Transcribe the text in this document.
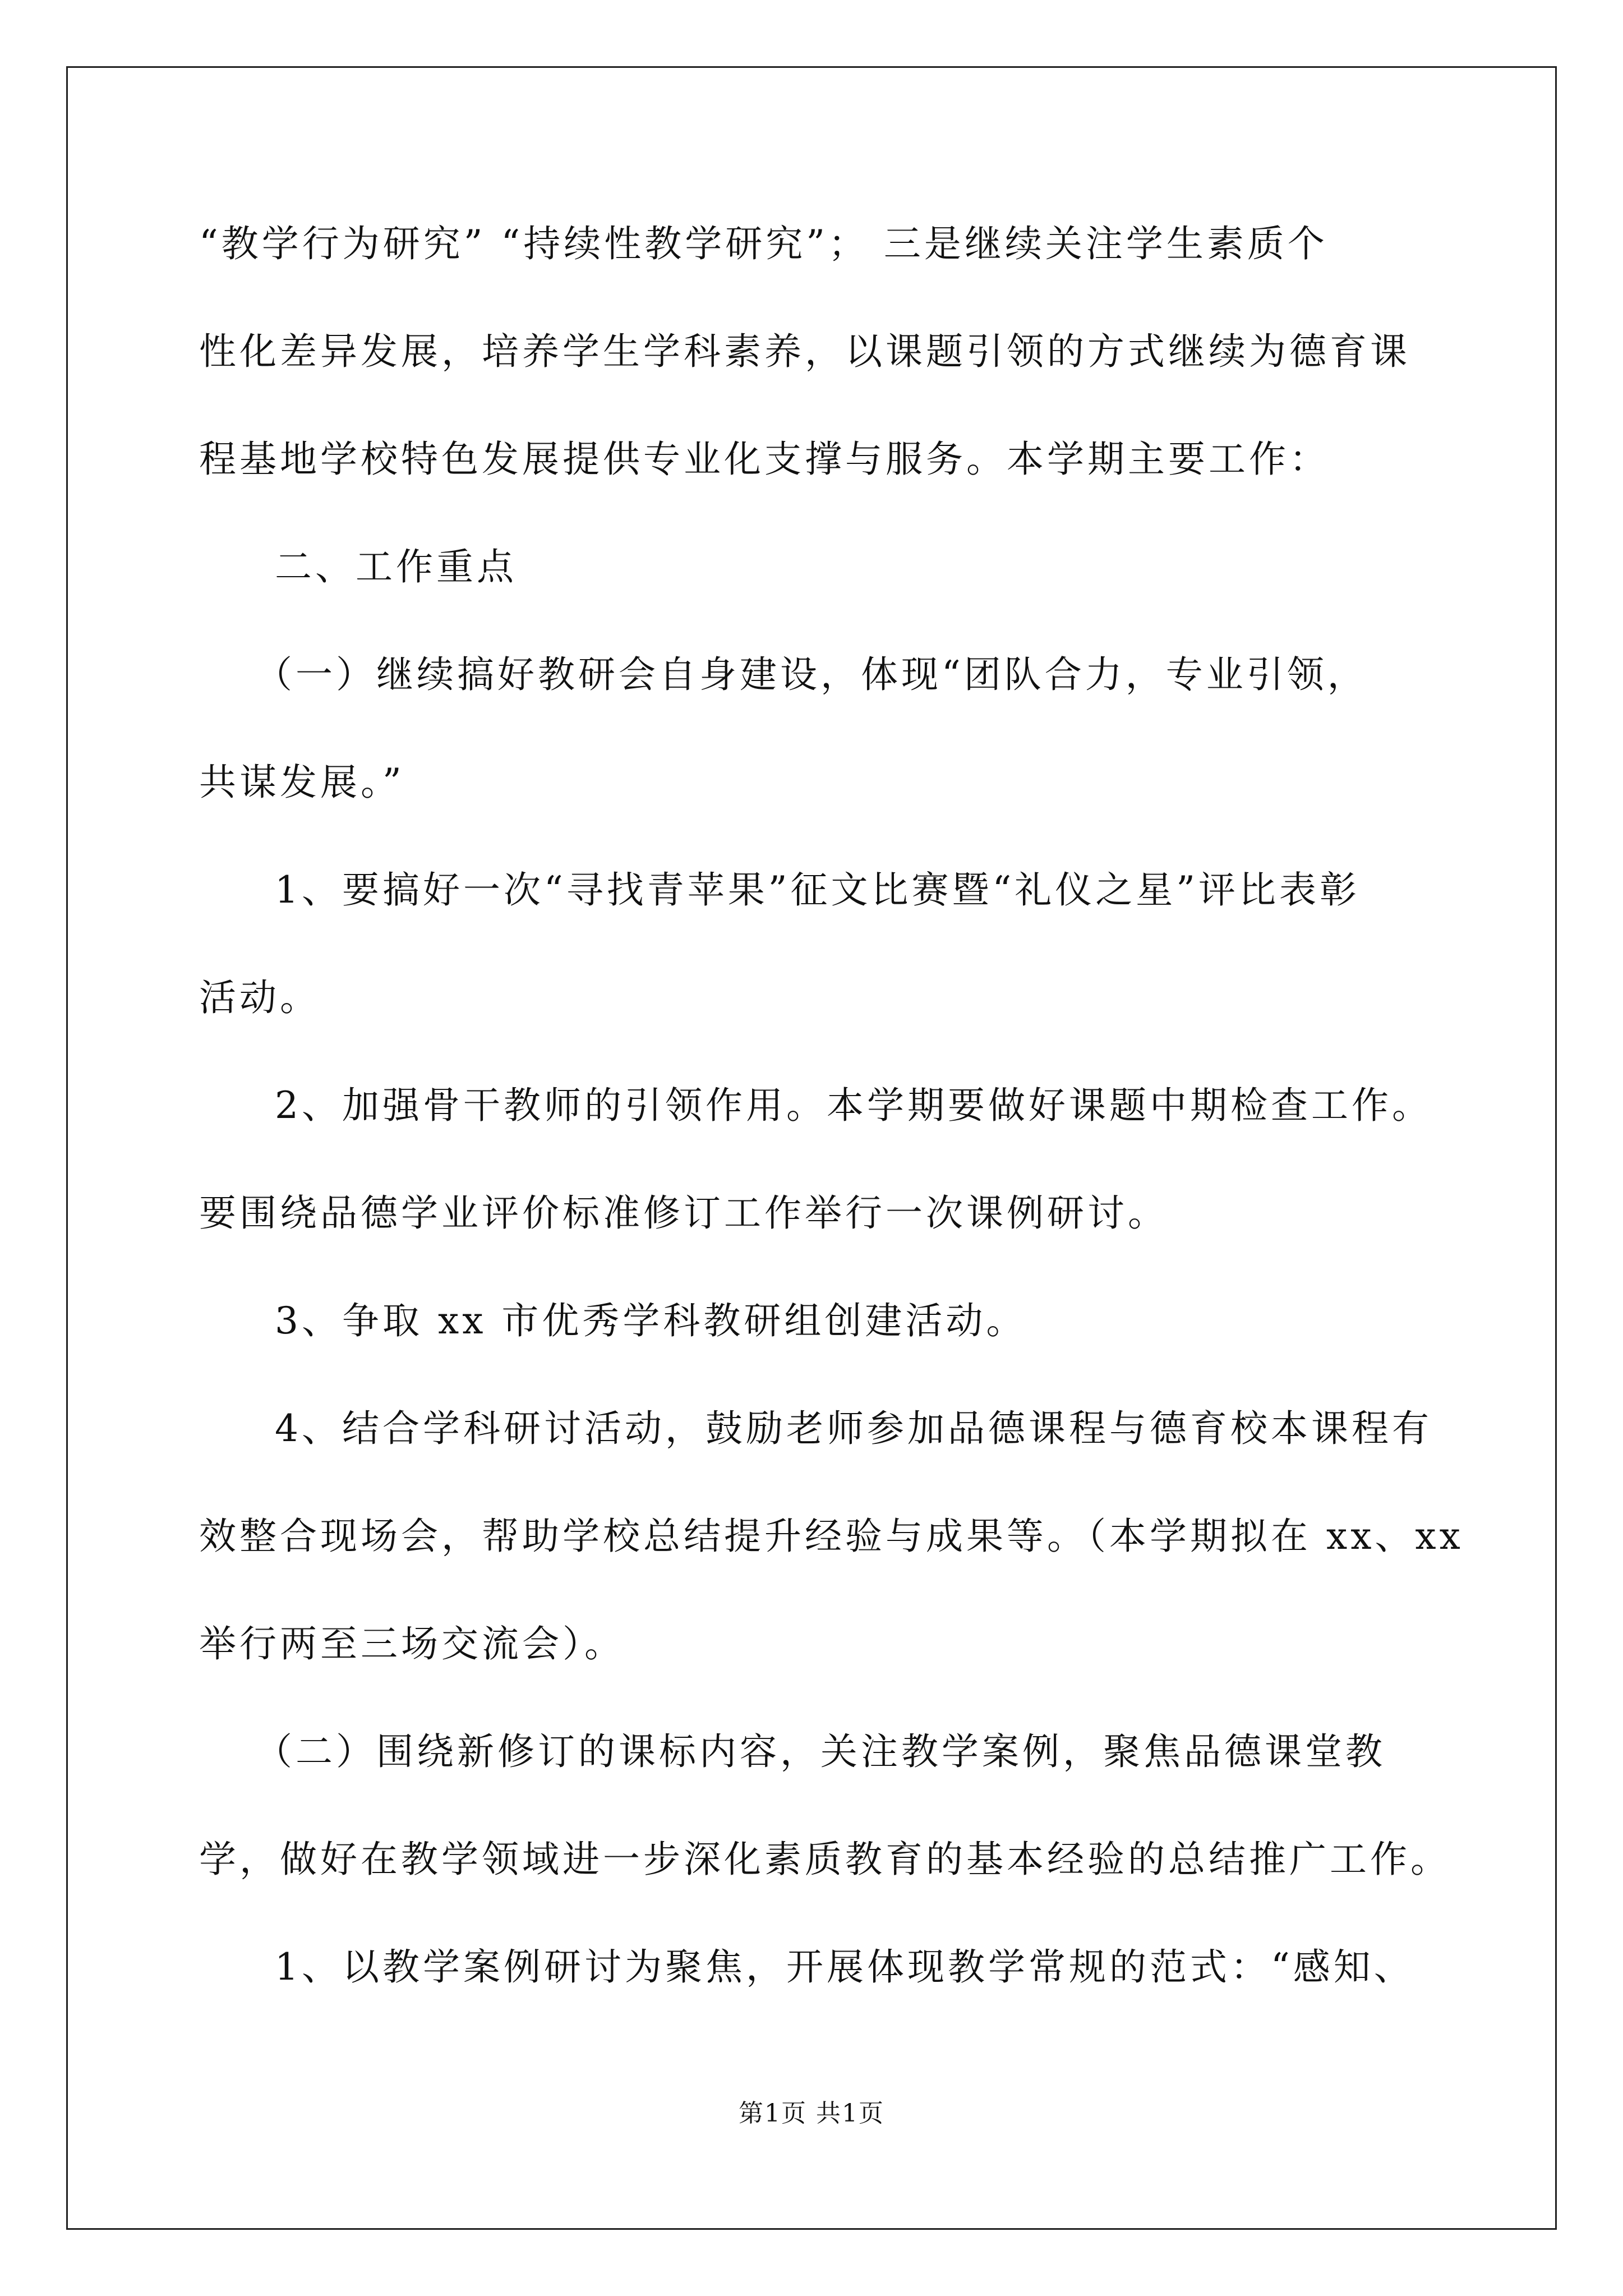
“教学行为研究” “持续性教学研究”； 三是继续关注学生素质个
性化差异发展，培养学生学科素养，以课题引领的方式继续为德育课
程基地学校特色发展提供专业化支撑与服务。本学期主要工作：
二、工作重点
（一）继续搞好教研会自身建设，体现“团队合力，专业引领，
共谋发展。”
1、要搞好一次“寻找青苹果”征文比赛暨“礼仪之星”评比表彰
活动。
2、加强骨干教师的引领作用。本学期要做好课题中期检查工作。
要围绕品德学业评价标准修订工作举行一次课例研讨。
3、争取 xx 市优秀学科教研组创建活动。
4、结合学科研讨活动，鼓励老师参加品德课程与德育校本课程有
效整合现场会，帮助学校总结提升经验与成果等。（本学期拟在 xx、xx
举行两至三场交流会）。
（二）围绕新修订的课标内容，关注教学案例，聚焦品德课堂教
学，做好在教学领域进一步深化素质教育的基本经验的总结推广工作。
1、以教学案例研讨为聚焦，开展体现教学常规的范式：“感知、
第1页 共1页
